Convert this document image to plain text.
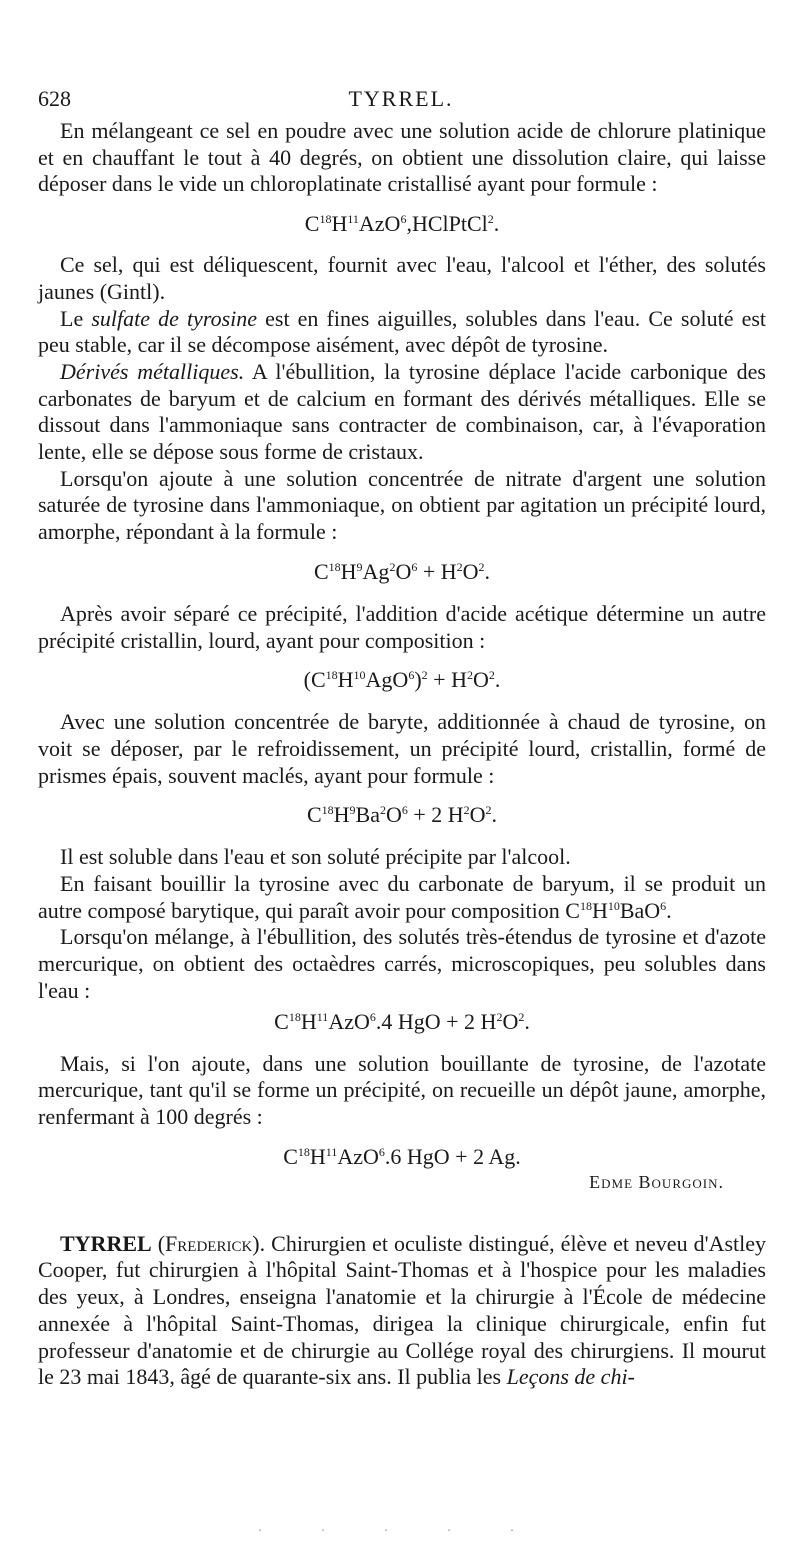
628	TYRREL.

En mélangeant ce sel en poudre avec une solution acide de chlorure platinique et en chauffant le tout à 40 degrés, on obtient une dissolution claire, qui laisse déposer dans le vide un chloroplatinate cristallisé ayant pour formule :

$C^{18}H^{11}AzO^6,HClPtCl^2$.

Ce sel, qui est déliquescent, fournit avec l'eau, l'alcool et l'éther, des solutés jaunes (Gintl).

Le sulfate de tyrosine est en fines aiguilles, solubles dans l'eau. Ce soluté est peu stable, car il se décompose aisément, avec dépôt de tyrosine.

Dérivés métalliques. A l'ébullition, la tyrosine déplace l'acide carbonique des carbonates de baryum et de calcium en formant des dérivés métalliques. Elle se dissout dans l'ammoniaque sans contracter de combinaison, car, à l'évaporation lente, elle se dépose sous forme de cristaux.

Lorsqu'on ajoute à une solution concentrée de nitrate d'argent une solution saturée de tyrosine dans l'ammoniaque, on obtient par agitation un précipité lourd, amorphe, répondant à la formule :

$C^{18}H^9Ag^2O^6 + H^2O^2$.

Après avoir séparé ce précipité, l'addition d'acide acétique détermine un autre précipité cristallin, lourd, ayant pour composition :

$(C^{18}H^{10}AgO^6)^2 + H^2O^2$.

Avec une solution concentrée de baryte, additionnée à chaud de tyrosine, on voit se déposer, par le refroidissement, un précipité lourd, cristallin, formé de prismes épais, souvent maclés, ayant pour formule :

$C^{18}H^9Ba^2O^6 + 2$ $H^2O^2$.

Il est soluble dans l'eau et son soluté précipite par l'alcool.

En faisant bouillir la tyrosine avec du carbonate de baryum, il se produit un autre composé barytique, qui paraît avoir pour composition $C^{18}H^{10}BaO^6$.

Lorsqu'on mélange, à l'ébullition, des solutés très-étendus de tyrosine et d'azote mercurique, on obtient des octaèdres carrés, microscopiques, peu solubles dans l'eau :

$C^{18}H^{11}AzO^6.4$ HgO + 2 $H^2O^2$.

Mais, si l'on ajoute, dans une solution bouillante de tyrosine, de l'azotate mercurique, tant qu'il se forme un précipité, on recueille un dépôt jaune, amorphe, renfermant à 100 degrés :

$C^{18}H^{11}AzO^6.6$ HgO + 2 Ag.
Edme Bourgoin.

TYRREL (Frederick). Chirurgien et oculiste distingué, élève et neveu d'Astley Cooper, fut chirurgien à l'hôpital Saint-Thomas et à l'hospice pour les maladies des yeux, à Londres, enseigna l'anatomie et la chirurgie à l'École de médecine annexée à l'hôpital Saint-Thomas, dirigea la clinique chirurgicale, enfin fut professeur d'anatomie et de chirurgie au Collége royal des chirurgiens. Il mourut le 23 mai 1843, âgé de quarante-six ans. Il publia les Leçons de chi-

. . . . .
